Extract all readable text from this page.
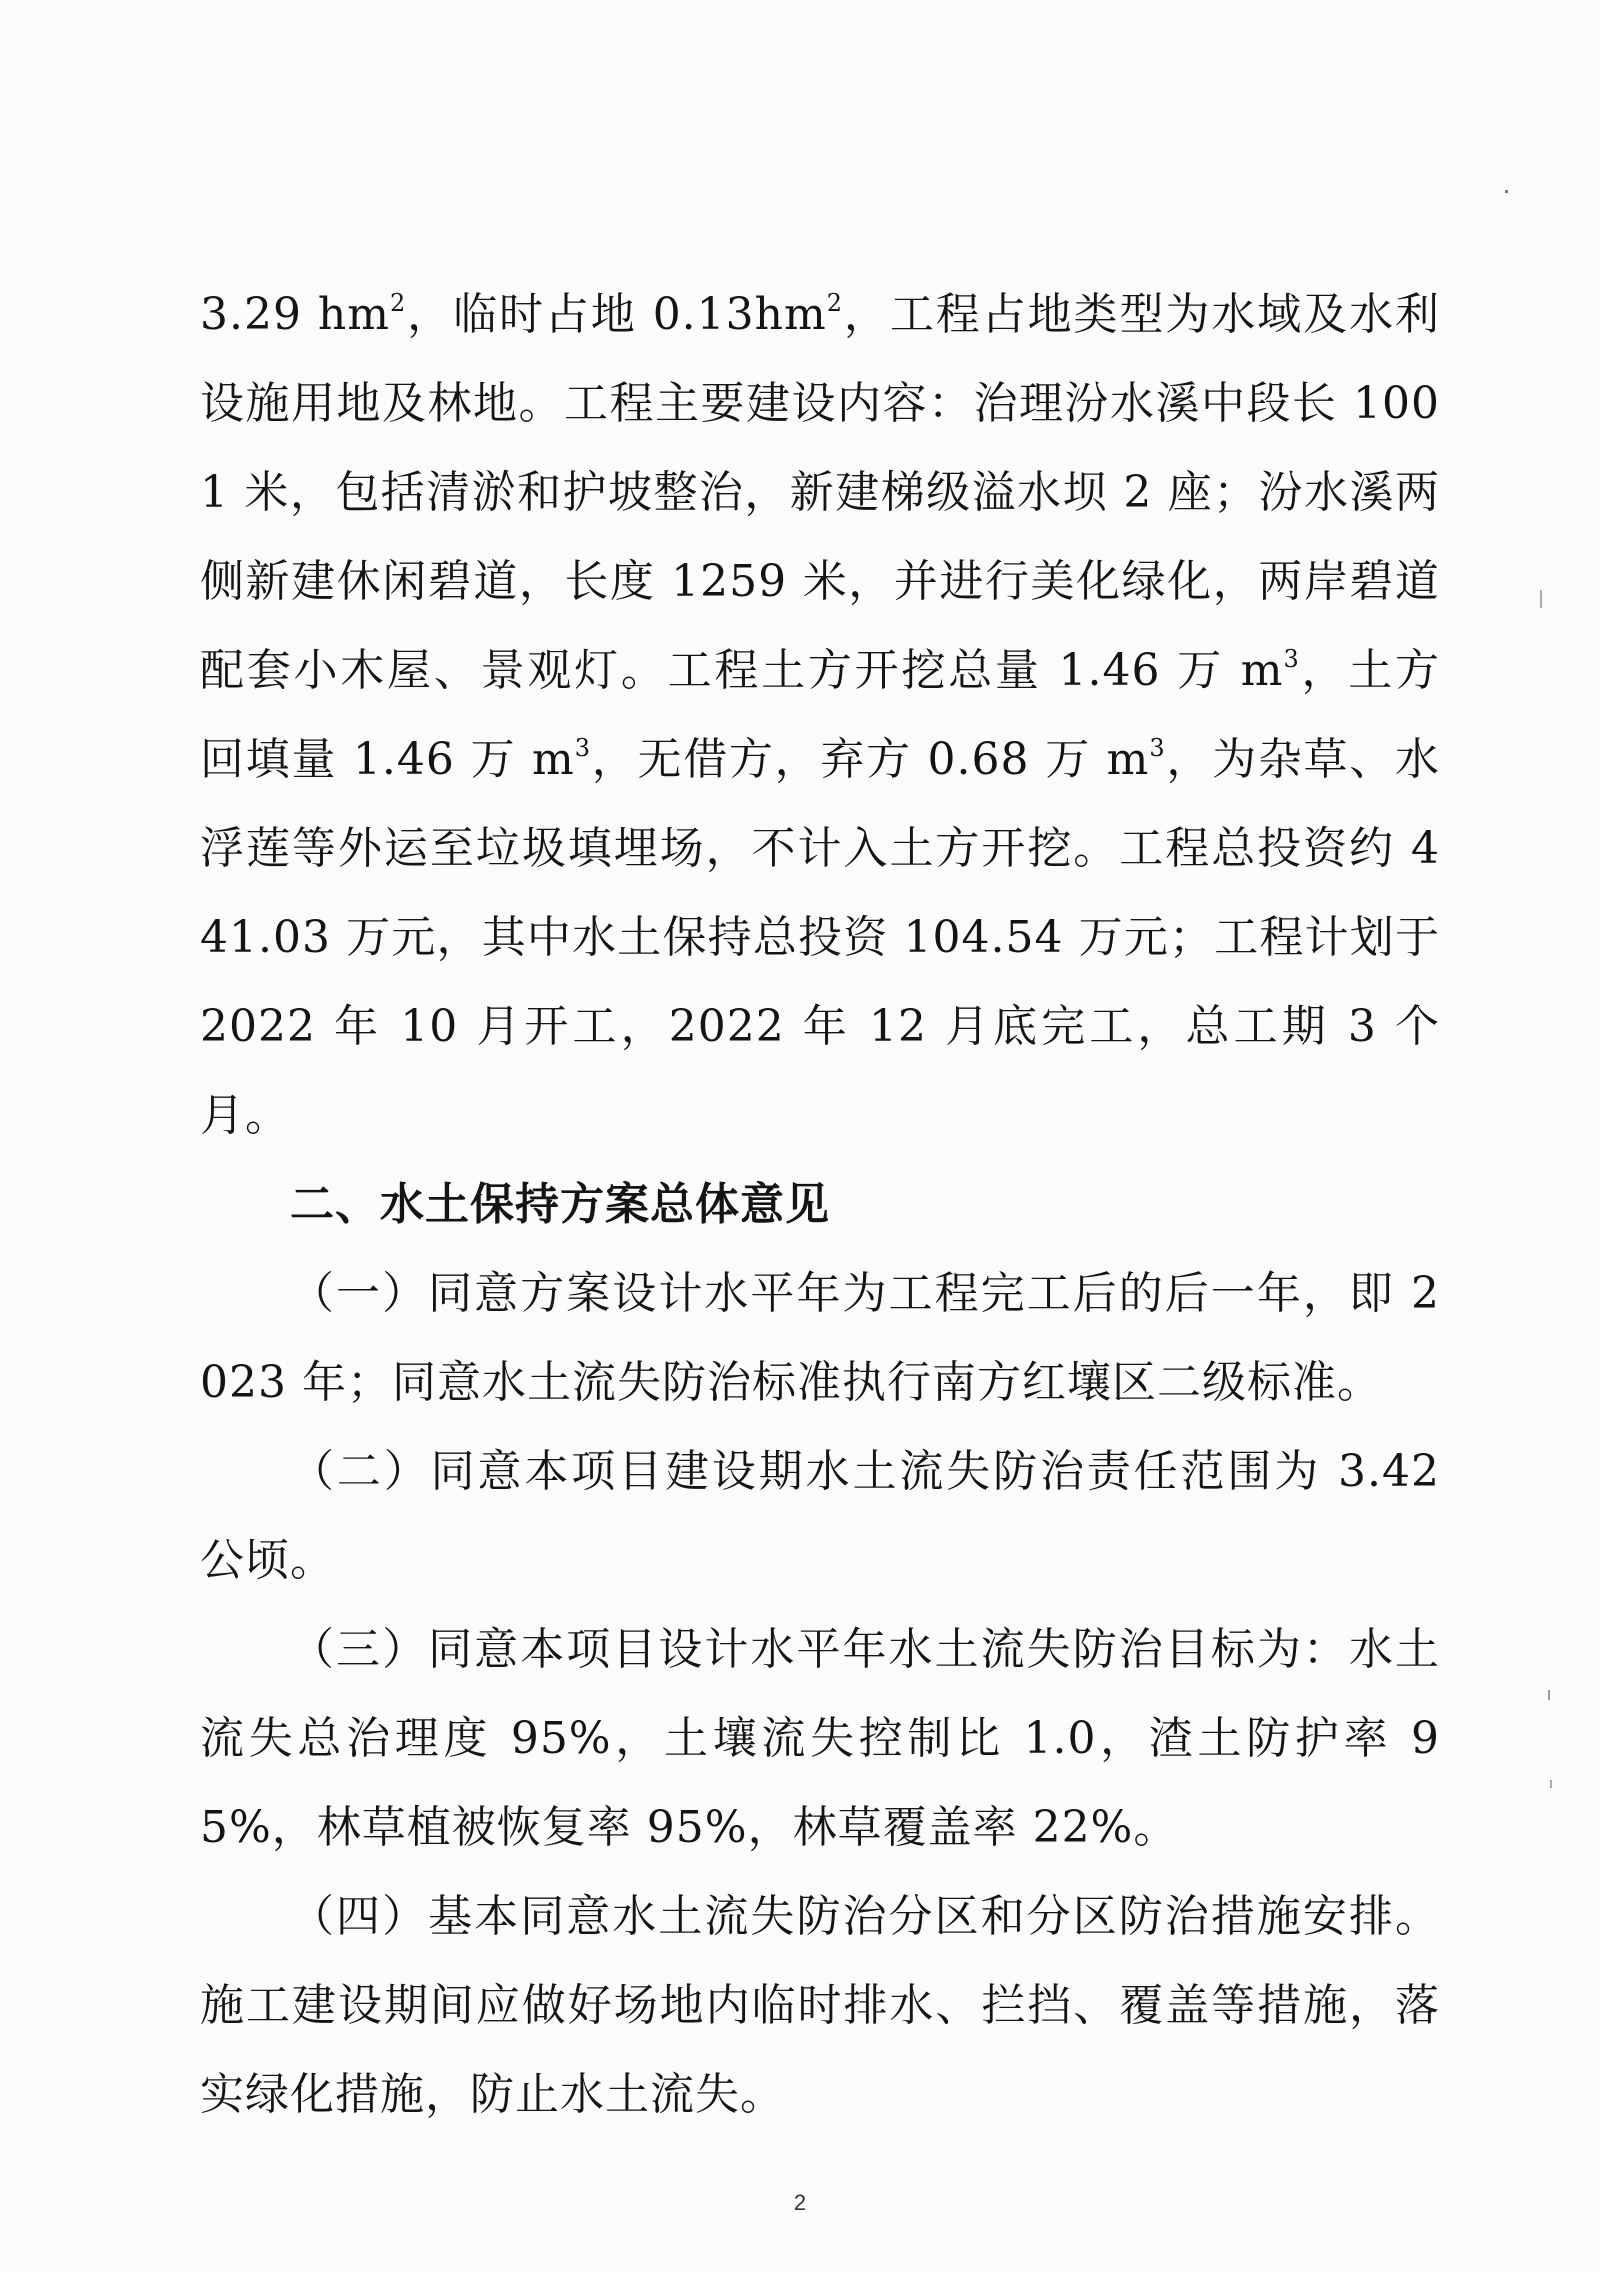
3.29 $hm^2$，临时占地 $0.13hm^2$，工程占地类型为水域及水利设施用地及林地。工程主要建设内容：治理汾水溪中段长 1001 米，包括清淤和护坡整治，新建梯级溢水坝 2 座；汾水溪两侧新建休闲碧道，长度 1259 米，并进行美化绿化，两岸碧道配套小木屋、景观灯。工程土方开挖总量 1.46 万 $m^3$，土方回填量 1.46 万 $m^3$，无借方，弃方 0.68 万 $m^3$，为杂草、水浮莲等外运至垃圾填埋场，不计入土方开挖。工程总投资约 441.03 万元，其中水土保持总投资 104.54 万元；工程计划于 2022 年 10 月开工，2022 年 12 月底完工，总工期 3 个月。

二、水土保持方案总体意见

（一）同意方案设计水平年为工程完工后的后一年，即 2023 年；同意水土流失防治标准执行南方红壤区二级标准。

（二）同意本项目建设期水土流失防治责任范围为 3.42 公顷。

（三）同意本项目设计水平年水土流失防治目标为：水土流失总治理度 95%，土壤流失控制比 1.0，渣土防护率 95%，林草植被恢复率 95%，林草覆盖率 22%。

（四）基本同意水土流失防治分区和分区防治措施安排。施工建设期间应做好场地内临时排水、拦挡、覆盖等措施，落实绿化措施，防止水土流失。

2
